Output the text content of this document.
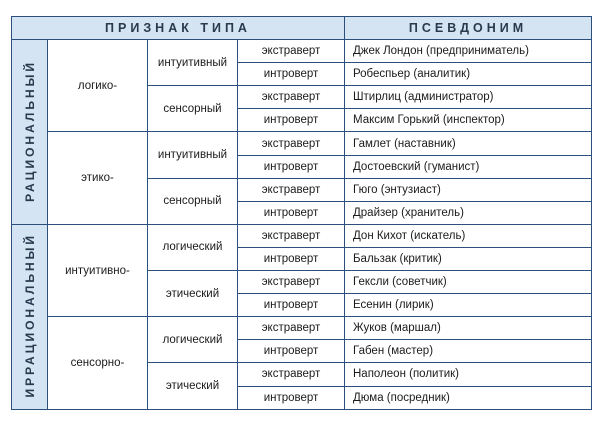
ПРИЗНАК ТИПА				ПСЕВДОНИМ
РАЦИОНАЛЬНЫЙ	логико-	интуитивный	экстраверт	Джек Лондон (предприниматель)
			интроверт	Робеспьер (аналитик)
		сенсорный	экстраверт	Штирлиц (администратор)
			интроверт	Максим Горький (инспектор)
	этико-	интуитивный	экстраверт	Гамлет (наставник)
			интроверт	Достоевский (гуманист)
		сенсорный	экстраверт	Гюго (энтузиаст)
			интроверт	Драйзер (хранитель)
ИРРАЦИОНАЛЬНЫЙ	интуитивно-	логический	экстраверт	Дон Кихот (искатель)
			интроверт	Бальзак (критик)
		этический	экстраверт	Гексли (советчик)
			интроверт	Есенин (лирик)
	сенсорно-	логический	экстраверт	Жуков (маршал)
			интроверт	Габен (мастер)
		этический	экстраверт	Наполеон (политик)
			интроверт	Дюма (посредник)
